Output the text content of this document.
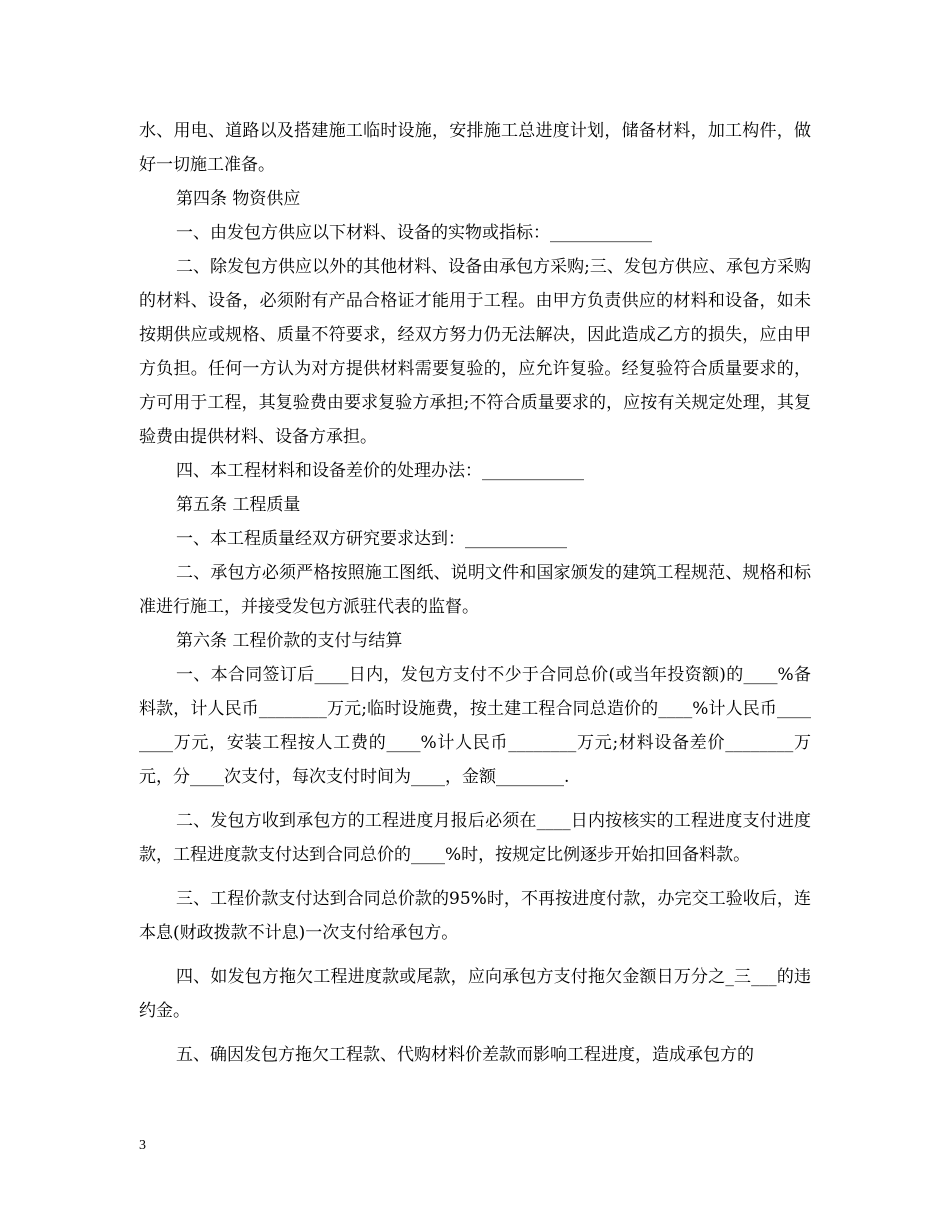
水、用电、道路以及搭建施工临时设施，安排施工总进度计划，储备材料，加工构件，做好一切施工准备。

第四条 物资供应

一、由发包方供应以下材料、设备的实物或指标：____________

二、除发包方供应以外的其他材料、设备由承包方采购;三、发包方供应、承包方采购的材料、设备，必须附有产品合格证才能用于工程。由甲方负责供应的材料和设备，如未按期供应或规格、质量不符要求，经双方努力仍无法解决，因此造成乙方的损失，应由甲方负担。任何一方认为对方提供材料需要复验的，应允许复验。经复验符合质量要求的，方可用于工程，其复验费由要求复验方承担;不符合质量要求的，应按有关规定处理，其复验费由提供材料、设备方承担。

四、本工程材料和设备差价的处理办法：____________

第五条 工程质量

一、本工程质量经双方研究要求达到：____________

二、承包方必须严格按照施工图纸、说明文件和国家颁发的建筑工程规范、规格和标准进行施工，并接受发包方派驻代表的监督。

第六条 工程价款的支付与结算

一、本合同签订后____日内，发包方支付不少于合同总价(或当年投资额)的____%备料款，计人民币________万元;临时设施费，按土建工程合同总造价的____%计人民币________万元，安装工程按人工费的____%计人民币________万元;材料设备差价________万元，分____次支付，每次支付时间为____，金额________.

二、发包方收到承包方的工程进度月报后必须在____日内按核实的工程进度支付进度款，工程进度款支付达到合同总价的____%时，按规定比例逐步开始扣回备料款。

三、工程价款支付达到合同总价款的95%时，不再按进度付款，办完交工验收后，连本息(财政拨款不计息)一次支付给承包方。

四、如发包方拖欠工程进度款或尾款，应向承包方支付拖欠金额日万分之_三___的违约金。

五、确因发包方拖欠工程款、代购材料价差款而影响工程进度，造成承包方的

3
